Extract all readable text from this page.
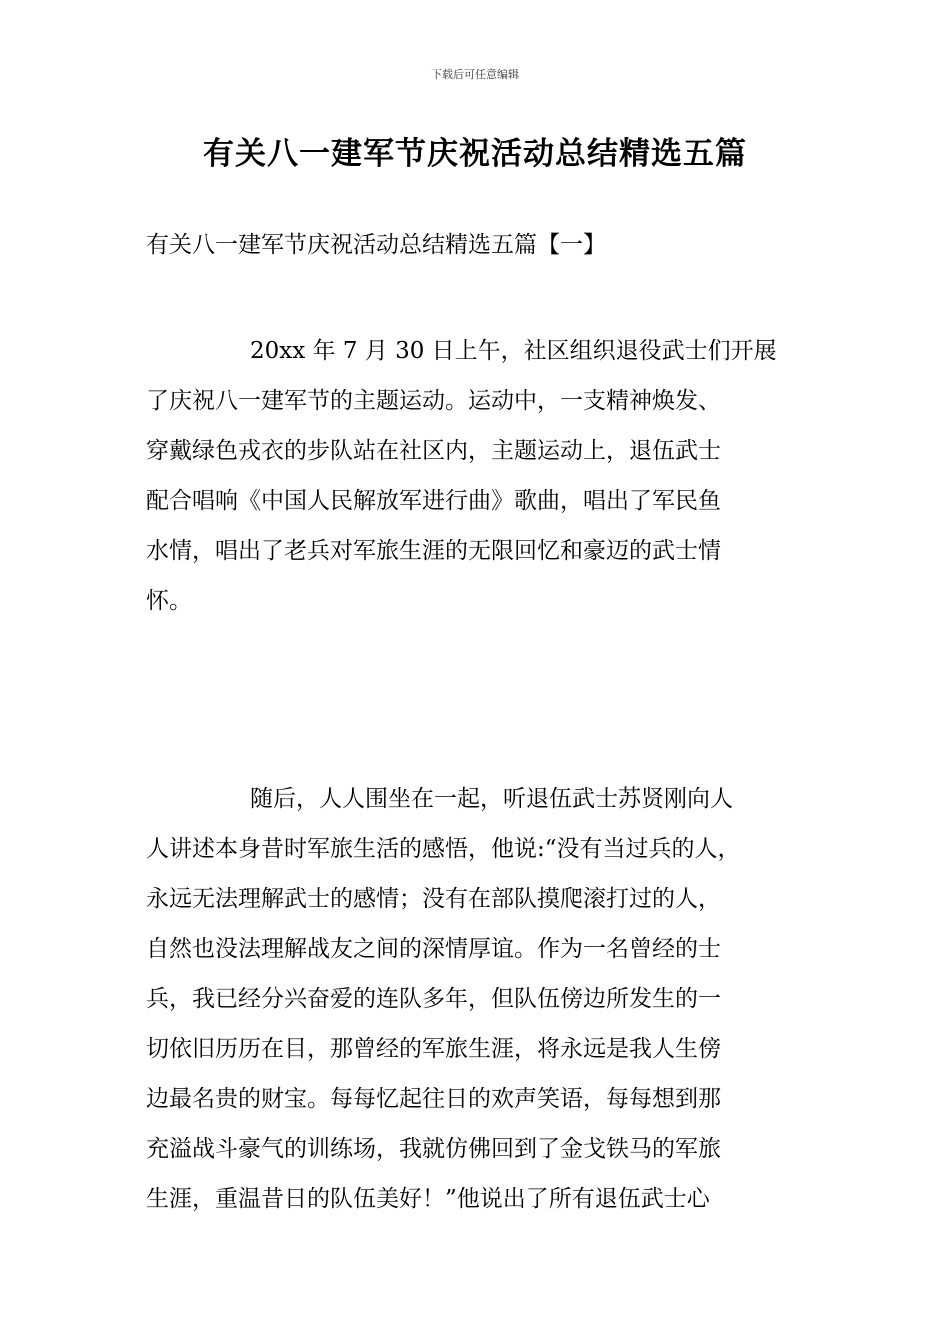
下载后可任意编辑
有关八一建军节庆祝活动总结精选五篇
有关八一建军节庆祝活动总结精选五篇【一】
20xx 年 7 月 30 日上午，社区组织退役武士们开展
了庆祝八一建军节的主题运动。运动中，一支精神焕发、
穿戴绿色戎衣的步队站在社区内，主题运动上，退伍武士
配合唱响《中国人民解放军进行曲》歌曲，唱出了军民鱼
水情，唱出了老兵对军旅生涯的无限回忆和豪迈的武士情
怀。
随后，人人围坐在一起，听退伍武士苏贤刚向人
人讲述本身昔时军旅生活的感悟，他说:“没有当过兵的人，
永远无法理解武士的感情；没有在部队摸爬滚打过的人，
自然也没法理解战友之间的深情厚谊。作为一名曾经的士
兵，我已经分兴奋爱的连队多年，但队伍傍边所发生的一
切依旧历历在目，那曾经的军旅生涯，将永远是我人生傍
边最名贵的财宝。每每忆起往日的欢声笑语，每每想到那
充溢战斗豪气的训练场，我就仿佛回到了金戈铁马的军旅
生涯，重温昔日的队伍美好！”他说出了所有退伍武士心
